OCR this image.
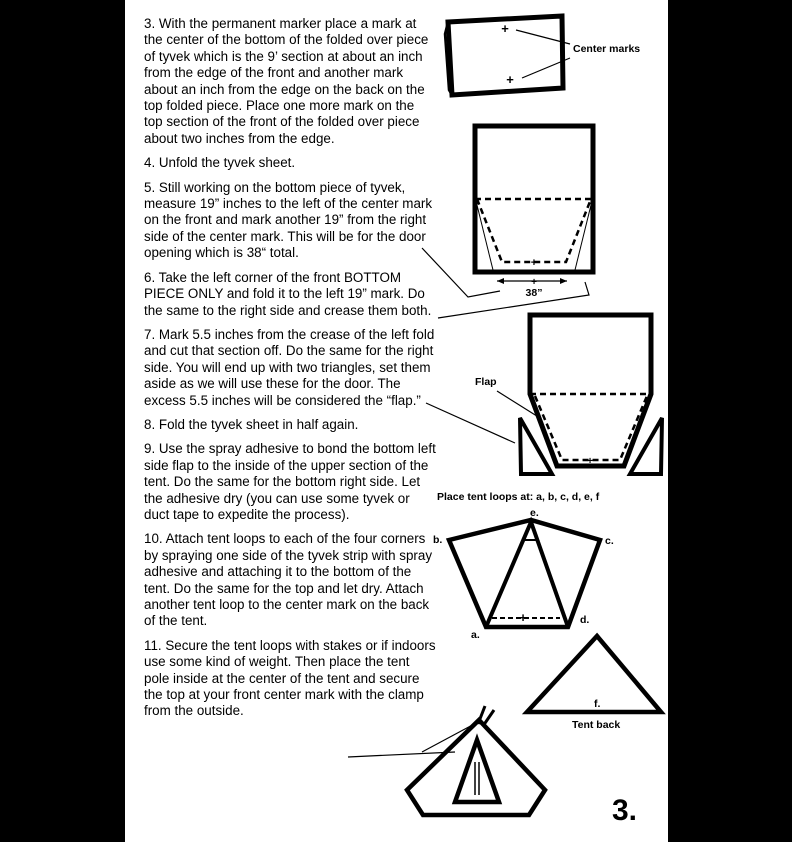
3. With the permanent marker place a mark at the center of the bottom of the folded over piece of tyvek which is the 9’ section at about an inch from the edge of the front and another mark about an inch from the edge on the back on the top folded piece. Place one more mark on the top section of the front of the folded over piece about two inches from the edge.

4. Unfold the tyvek sheet.

5. Still working on the bottom piece of tyvek, measure 19” inches to the left of the center mark on the front and mark another 19” from the right side of the center mark. This will be for the door opening which is 38“ total.

6. Take the left corner of the front BOTTOM PIECE ONLY and fold it to the left 19” mark. Do the same to the right side and crease them both.

7. Mark 5.5 inches from the crease of the left fold and cut that section off. Do the same for the right side. You will end up with two triangles, set them aside as we will use these for the door. The excess 5.5 inches will be considered the “flap.”

8. Fold the tyvek sheet in half again.

9. Use the spray adhesive to bond the bottom left side flap to the inside of the upper section of the tent. Do the same for the bottom right side. Let the adhesive dry (you can use some tyvek or duct tape to expedite the process).

10. Attach tent loops to each of the four corners by spraying one side of the tyvek strip with spray adhesive and attaching it to the bottom of the tent. Do the same for the top and let dry. Attach another tent loop to the center mark on the back of the tent.

11. Secure the tent loops with stakes or if indoors use some kind of weight. Then place the tent pole inside at the center of the tent and secure the top at your front center mark with the clamp from the outside.

+
+
Center marks
+
+
38”
+
Flap
Place tent loops at: a, b, c, d, e, f
+
e.
b.	c.
d.
a.
f.
Tent back
3.
